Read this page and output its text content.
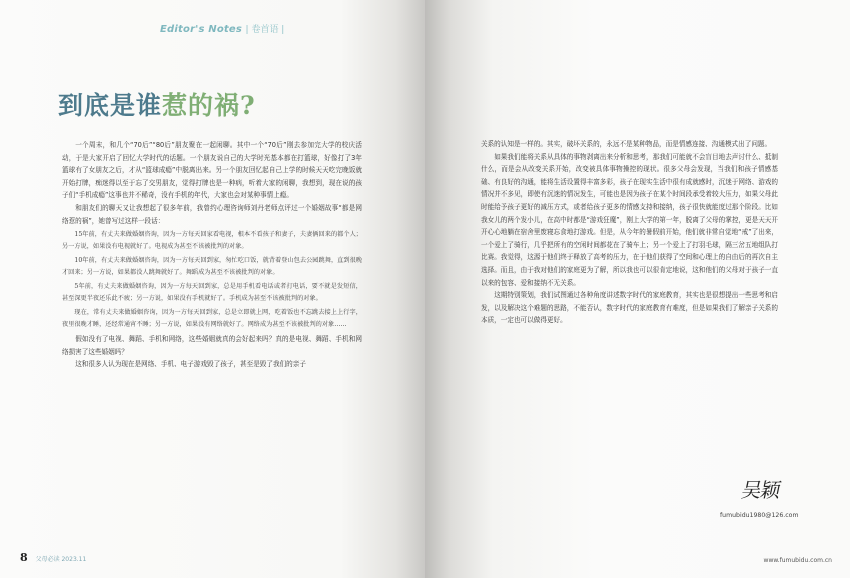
Editor's Notes | 卷首语 |
到底是谁惹的祸?

一个周末，和几个“70后”“80后”朋友聚在一起闲聊。其中一个“70后”刚去参加完大学的校庆活动，于是大家开启了回忆大学时代的话题。一个朋友说自己的大学时光基本都在打篮球，好像打了3年篮球有了女朋友之后，才从“篮球成瘾”中脱离出来。另一个朋友回忆起自己上学的时候天天吃完晚饭就开始打牌，痴迷得以至于忘了交男朋友，觉得打牌也是一种病，听着大家的闲聊，我想到，现在说的孩子们“手机成瘾”这事也并不稀奇，没有手机的年代，大家也会对某种事情上瘾。

和朋友们的聊天又让我想起了很多年前，我曾约心理咨询师刘丹老师点评过一个婚姻故事“都是网络惹的祸”，她曾写过这样一段话：

15年前，有丈夫来做婚姻咨询，因为一方每天回家看电视，根本不看孩子和妻子，夫妻俩回来的都个人；另一方说，如果没有电视就好了。电视成为甚至不该被批判的对象。

10年前，有丈夫来做婚姻咨询，因为一方每天回到家，匆忙吃口饭，就背着登山包去公园跳舞，直到很晚才回来；另一方说，如果都没人跳舞就好了。舞蹈成为甚至不该被批判的对象。

5年前，有丈夫来做婚姻咨询，因为一方每天回到家，总是用手机看电话或者打电话，要不就是发短信，甚至深更半夜还乐此不疲；另一方说，如果没有手机就好了。手机成为甚至不该被批判的对象。

现在，常有丈夫来做婚姻咨询，因为一方每天回到家，总是立即就上网，吃着饭也不忘跳去接上上行字，夜里很晚才睡，还经常通宵不睡；另一方说，如果没有网络就好了。网络成为甚至不该被批判的对象……

假如没有了电视、舞蹈、手机和网络，这些婚姻就真的会好起来吗？真的是电视、舞蹈、手机和网络损害了这些婚姻吗？

这和很多人认为现在是网络、手机、电子游戏毁了孩子，甚至是毁了我们的亲子

8 父母必读 2023.11

关系的认知是一样的。其实，破坏关系的，永远不是某种物品，而是情感连接、沟通模式出了问题。

如果我们能将关系从具体的事物剥离出来分析和思考，那我们可能就不会盲目地去声讨什么、抵制什么，而是会从改变关系开始，改变被具体事物操控的现状。很多父母会发现，当我们和孩子情感基础、有良好的沟通，能将生活设置得丰富多彩，孩子在现实生活中很有成就感时，沉迷于网络、游戏的情况并不多见，即使有沉迷的情况发生，可能也是因为孩子在某个时间段承受着较大压力，如果父母此时能给予孩子更好的减压方式，或者给孩子更多的情感支持和接纳，孩子很快就能度过那个阶段。比如我女儿的两个发小儿，在高中时都是“游戏狂魔”，刚上大学的第一年，脱离了父母的掌控，更是天天开开心心地躺在宿舍里废寝忘食地打游戏。但是，从今年的暑假前开始，他们就非常自觉地“戒”了出来，一个爱上了骑行，几乎把所有的空闲时间都花在了骑车上；另一个爱上了打羽毛球，隔三岔五地组队打比赛。我觉得，这源于他们终于释放了高考的压力，在于他们获得了空间和心理上的自由后的再次自主选择。而且，由于我对他们的家庭更为了解，所以我也可以很肯定地说，这和他们的父母对于孩子一直以来的包容、爱和接纳不无关系。

这期特别策划，我们试图通过各种角度讲述数字时代的家庭教育，其实也是很想提出一些思考和启发，以及解决这个难题的思路，不能否认，数字时代的家庭教育有难度，但是如果我们了解亲子关系的本质，一定也可以做得更好。

吴颖
fumubidu1980@126.com
www.fumubidu.com.cn
